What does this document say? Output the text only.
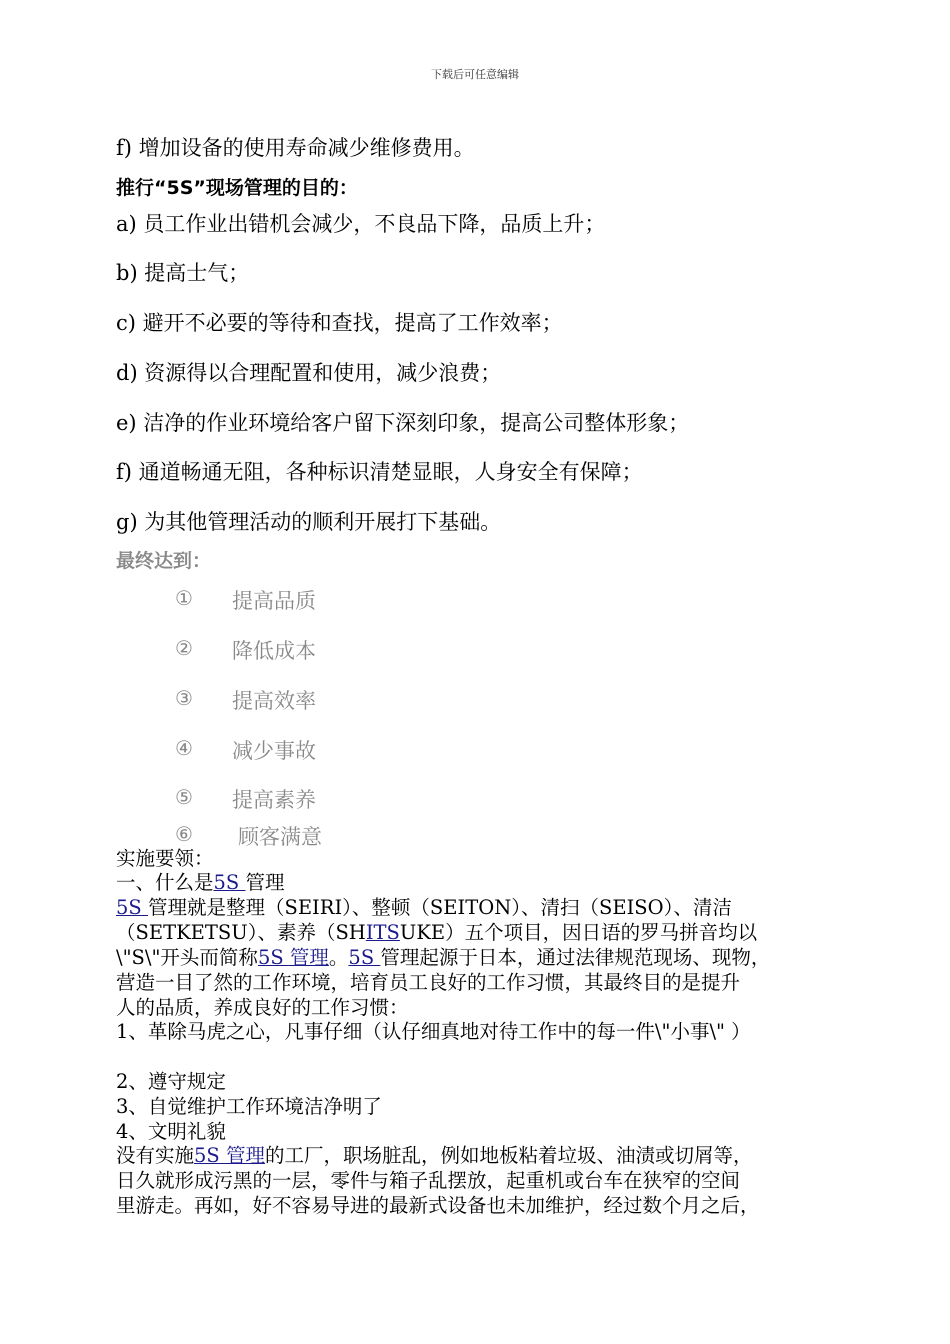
下载后可任意编辑
f) 增加设备的使用寿命减少维修费用。
推行“5S”现场管理的目的：
a) 员工作业出错机会减少，不良品下降，品质上升；
b) 提高士气；
c) 避开不必要的等待和查找，提高了工作效率；
d) 资源得以合理配置和使用，减少浪费；
e) 洁净的作业环境给客户留下深刻印象，提高公司整体形象；
f) 通道畅通无阻，各种标识清楚显眼，人身安全有保障；
g) 为其他管理活动的顺利开展打下基础。
最终达到：
① 提高品质
② 降低成本
③ 提高效率
④ 减少事故
⑤ 提高素养
⑥ 顾客满意
实施要领：
一、什么是5S 管理
5S 管理就是整理（SEIRI）、整顿（SEITON）、清扫（SEISO）、清洁
（SETKETSU）、素养（SHITSUKE）五个项目，因日语的罗马拼音均以
\"S\"开头而简称5S 管理。5S 管理起源于日本，通过法律规范现场、现物，
营造一目了然的工作环境，培育员工良好的工作习惯，其最终目的是提升
人的品质，养成良好的工作习惯：
1、革除马虎之心，凡事仔细（认仔细真地对待工作中的每一件\"小事\" ）
2、遵守规定
3、自觉维护工作环境洁净明了
4、文明礼貌
没有实施5S 管理的工厂，职场脏乱，例如地板粘着垃圾、油渍或切屑等，
日久就形成污黑的一层，零件与箱子乱摆放，起重机或台车在狭窄的空间
里游走。再如，好不容易导进的最新式设备也未加维护，经过数个月之后，
